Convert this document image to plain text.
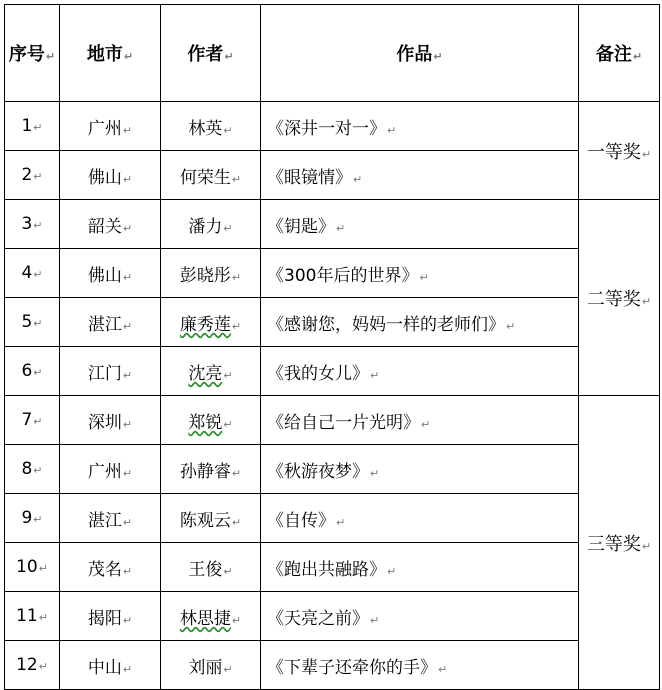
序号↵	地市↵	作者↵	作品↵	备注↵
1↵	广州↵	林英↵	《深井一对一》↵	一等奖↵
2↵	佛山↵	何荣生↵	《眼镜情》↵	
3↵	韶关↵	潘力↵	《钥匙》↵	二等奖↵
4↵	佛山↵	彭晓彤↵	《300年后的世界》↵	
5↵	湛江↵	廉秀莲↵	《感谢您，妈妈一样的老师们》↵	
6↵	江门↵	沈亮↵	《我的女儿》↵	
7↵	深圳↵	郑锐↵	《给自己一片光明》↵	三等奖↵
8↵	广州↵	孙静睿↵	《秋游夜梦》↵	
9↵	湛江↵	陈观云↵	《自传》↵	
10↵	茂名↵	王俊↵	《跑出共融路》↵	
11↵	揭阳↵	林思捷↵	《天亮之前》↵	
12↵	中山↵	刘丽↵	《下辈子还牵你的手》↵	
